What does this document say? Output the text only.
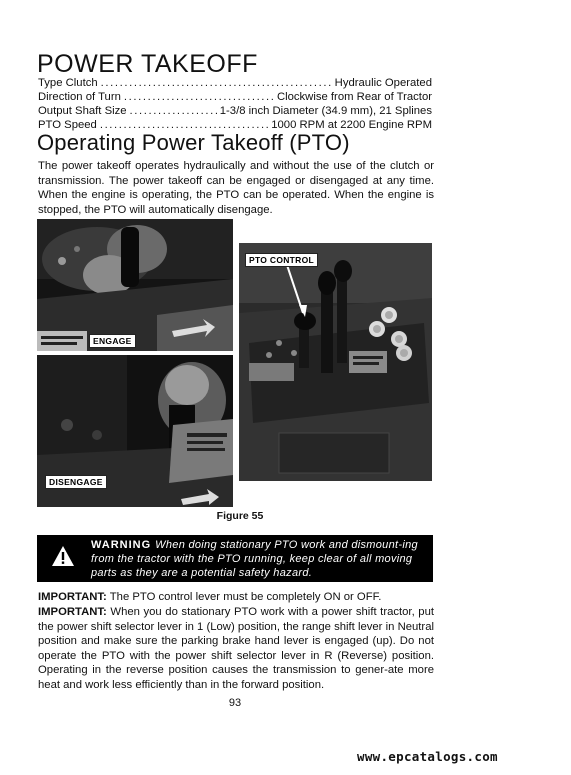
POWER TAKEOFF
Type Clutch .....	Hydraulic Operated
Direction of Turn .....	Clockwise from Rear of Tractor
Output Shaft Size .....	1-3/8 inch Diameter (34.9 mm), 21 Splines
PTO Speed .....	1000 RPM at 2200 Engine RPM
Operating Power Takeoff (PTO)

The power takeoff operates hydraulically and without the use of the clutch or transmission. The power takeoff can be engaged or disengaged at any time. When the engine is operating, the PTO can be operated. When the engine is stopped, the PTO will automatically disengage.

ENGAGE
DISENGAGE
PTO CONTROL
Figure 55
WARNING When doing stationary PTO work and dismount-ing from the tractor with the PTO running, keep clear of all moving parts as they are a potential safety hazard.

IMPORTANT: The PTO control lever must be completely ON or OFF.

IMPORTANT: When you do stationary PTO work with a power shift tractor, put the power shift selector lever in 1 (Low) position, the range shift lever in Neutral position and make sure the parking brake hand lever is engaged (up). Do not operate the PTO with the power shift selector lever in R (Reverse) position. Operating in the reverse position causes the transmission to gener-ate more heat and work less efficiently than in the forward position.

93
www.epcatalogs.com
